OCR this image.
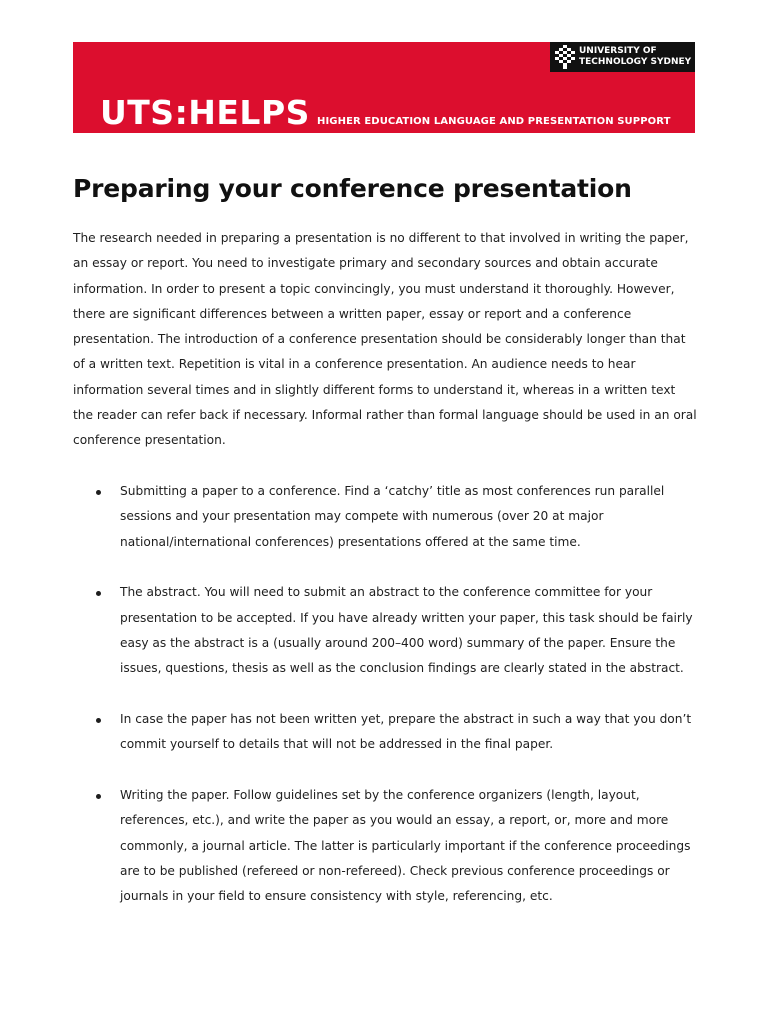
UNIVERSITY OF
TECHNOLOGY SYDNEY
UTS:HELPS HIGHER EDUCATION LANGUAGE AND PRESENTATION SUPPORT
Preparing your conference presentation

The research needed in preparing a presentation is no different to that involved in writing the paper, an essay or report. You need to investigate primary and secondary sources and obtain accurate information. In order to present a topic convincingly, you must understand it thoroughly. However, there are significant differences between a written paper, essay or report and a conference presentation. The introduction of a conference presentation should be considerably longer than that of a written text. Repetition is vital in a conference presentation. An audience needs to hear information several times and in slightly different forms to understand it, whereas in a written text the reader can refer back if necessary. Informal rather than formal language should be used in an oral conference presentation.

Submitting a paper to a conference. Find a ‘catchy’ title as most conferences run parallel sessions and your presentation may compete with numerous (over 20 at major national/international conferences) presentations offered at the same time.
The abstract. You will need to submit an abstract to the conference committee for your presentation to be accepted. If you have already written your paper, this task should be fairly easy as the abstract is a (usually around 200–400 word) summary of the paper. Ensure the issues, questions, thesis as well as the conclusion findings are clearly stated in the abstract.
In case the paper has not been written yet, prepare the abstract in such a way that you don’t commit yourself to details that will not be addressed in the final paper.
Writing the paper. Follow guidelines set by the conference organizers (length, layout, references, etc.), and write the paper as you would an essay, a report, or, more and more commonly, a journal article. The latter is particularly important if the conference proceedings are to be published (refereed or non-refereed). Check previous conference proceedings or journals in your field to ensure consistency with style, referencing, etc.
